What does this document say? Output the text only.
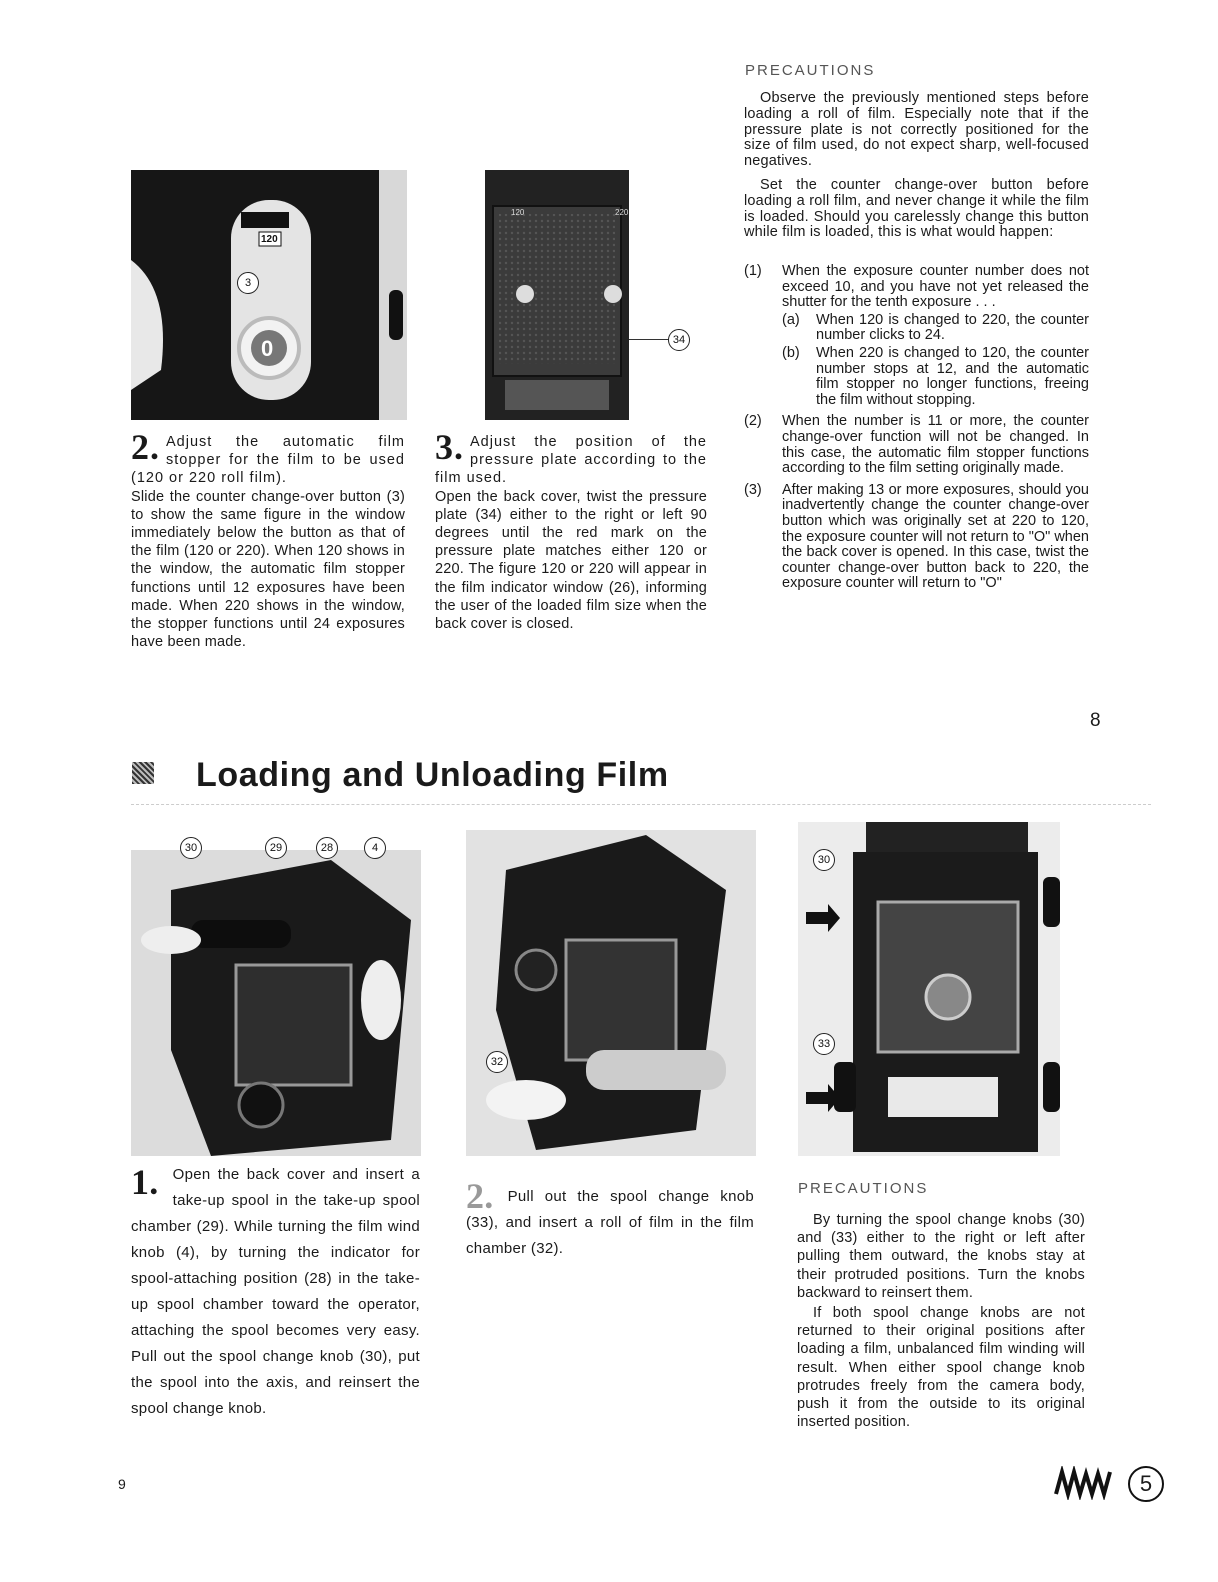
120
3
0
120	220
34
PRECAUTIONS

Observe the previously mentioned steps before loading a roll of film. Especially note that if the pressure plate is not correctly positioned for the size of film used, do not expect sharp, well-focused negatives.

Set the counter change-over button before loading a roll film, and never change it while the film is loaded. Should you carelessly change this button while film is loaded, this is what would happen:

(1)	When the exposure counter number does not exceed 10, and you have not yet released the shutter for the tenth exposure . . .
(a)	When 120 is changed to 220, the counter number clicks to 24.
(b)	When 220 is changed to 120, the counter number stops at 12, and the automatic film stopper no longer functions, freeing the film without stopping.
(2)	When the number is 11 or more, the counter change-over function will not be changed. In this case, the automatic film stopper functions according to the film setting originally made.
(3)	After making 13 or more exposures, should you inadvertently change the counter change-over button which was originally set at 220 to 120, the exposure counter will not return to "O" when the back cover is opened. In this case, twist the counter change-over button back to 220, the exposure counter will return to "O"

2. Adjust the automatic film stopper for the film to be used (120 or 220 roll film).

Slide the counter change-over button (3) to show the same figure in the window immediately below the button as that of the film (120 or 220). When 120 shows in the window, the automatic film stopper functions until 12 exposures have been made. When 220 shows in the window, the stopper functions until 24 exposures have been made.

3. Adjust the position of the pressure plate according to the film used.

Open the back cover, twist the pressure plate (34) either to the right or left 90 degrees until the red mark on the pressure plate matches either 120 or 220. The figure 120 or 220 will appear in the film indicator window (26), informing the user of the loaded film size when the back cover is closed.

8
Loading and Unloading Film
30	29	28	4
32
30
33
1. Open the back cover and insert a take-up spool in the take-up spool chamber (29). While turning the film wind knob (4), by turning the indicator for spool-attaching position (28) in the take-up spool chamber toward the operator, attaching the spool becomes very easy. Pull out the spool change knob (30), put the spool into the axis, and reinsert the spool change knob.
2. Pull out the spool change knob (33), and insert a roll of film in the film chamber (32).
PRECAUTIONS

By turning the spool change knobs (30) and (33) either to the right or left after pulling them outward, the knobs stay at their protruded positions. Turn the knobs backward to reinsert them.

If both spool change knobs are not returned to their original positions after loading a film, unbalanced film winding will result. When either spool change knob protrudes freely from the camera body, push it from the outside to its original inserted position.

9	5
